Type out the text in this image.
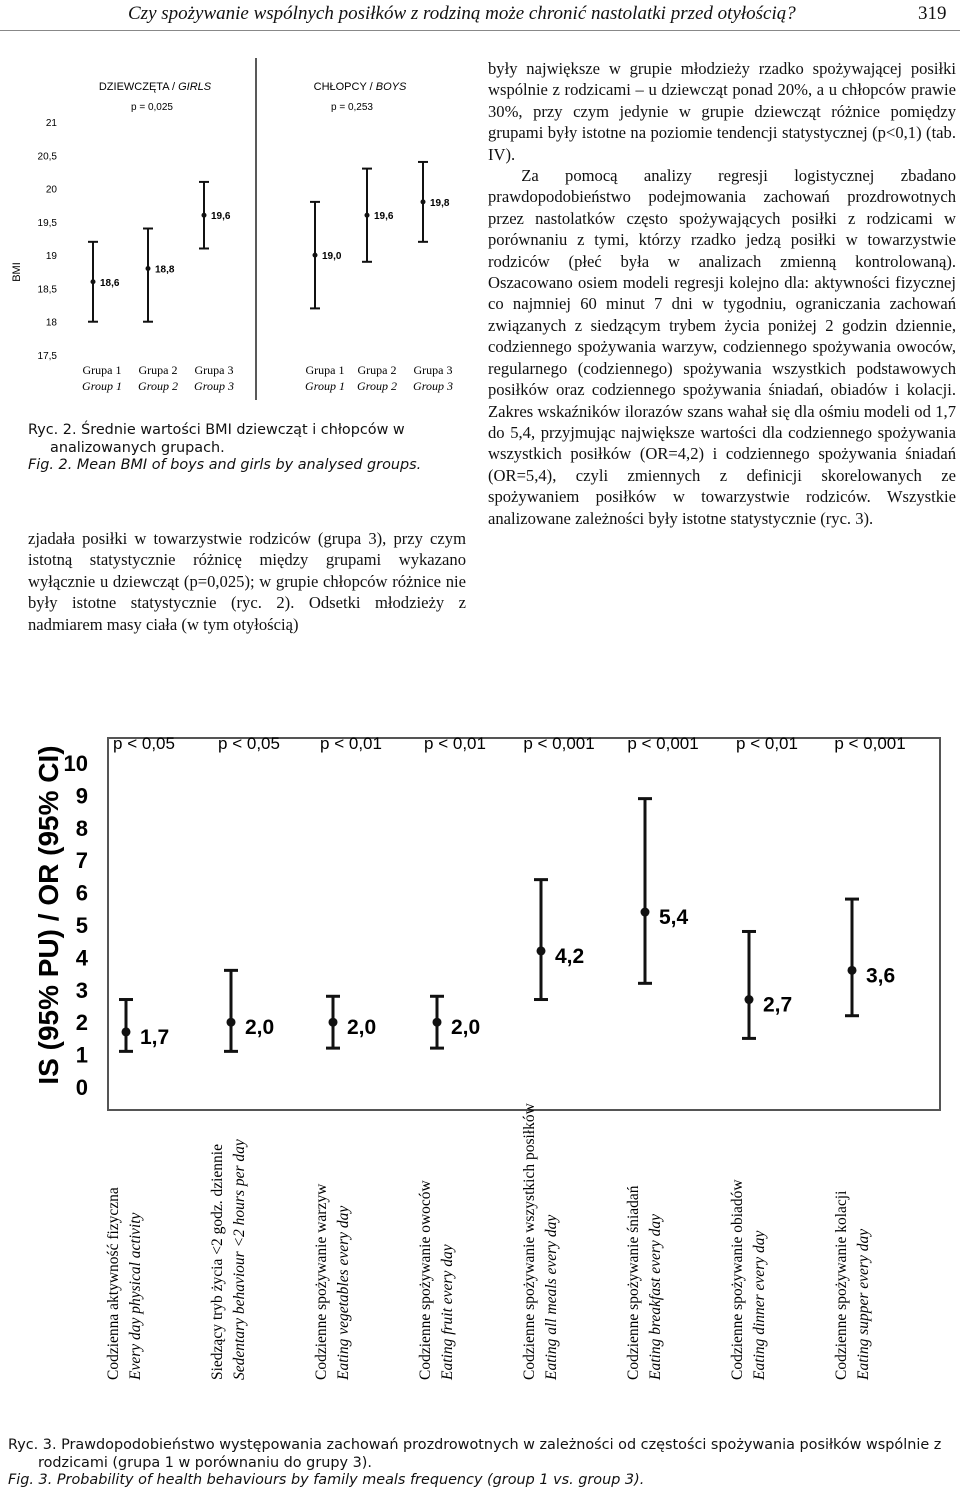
Czy spożywanie wspólnych posiłków z rodziną może chronić nastolatki przed otyłością?	319
BMI
DZIEWCZĘTA / GIRLS
p = 0,025
CHŁOPCY / BOYS
p = 0,253
21
20,5
20
19,5
19
18,5
18
17,5
18,6
18,8
19,6
19,0
19,6
19,8
Grupa 1
Group 1
Grupa 2
Group 2
Grupa 3
Group 3
Grupa 1
Group 1
Grupa 2
Group 2
Grupa 3
Group 3
Ryc. 2. Średnie wartości BMI dziewcząt i chłopców w analizowanych grupach.
Fig. 2. Mean BMI of boys and girls by analysed groups.

zjadała posiłki w towarzystwie rodziców (grupa 3), przy czym istotną statystycznie różnicę między grupami wykazano wyłącznie u dziewcząt (p=0,025); w grupie chłopców różnice nie były istotne statystycznie (ryc. 2). Odsetki młodzieży z nadmiarem masy ciała (w tym otyłością)

były największe w grupie młodzieży rzadko spożywającej posiłki wspólnie z rodzicami – u dziewcząt ponad 20%, a u chłopców prawie 30%, przy czym jedynie w grupie dziewcząt różnice pomiędzy grupami były istotne na poziomie tendencji statystycznej (p<0,1) (tab. IV).

Za pomocą analizy regresji logistycznej zbadano prawdopodobieństwo podejmowania zachowań prozdrowotnych przez nastolatków często spożywających posiłki z rodzicami w porównaniu z tymi, którzy rzadko jedzą posiłki w towarzystwie rodziców (płeć była w analizach zmienną kontrolowaną). Oszacowano osiem modeli regresji kolejno dla: aktywności fizycznej co najmniej 60 minut 7 dni w tygodniu, ograniczania zachowań związanych z siedzącym trybem życia poniżej 2 godzin dziennie, codziennego spożywania warzyw, codziennego spożywania owoców, regularnego (codziennego) spożywania wszystkich podstawowych posiłków oraz codziennego spożywania śniadań, obiadów i kolacji. Zakres wskaźników ilorazów szans wahał się dla ośmiu modeli od 1,7 do 5,4, przyjmując największe wartości dla codziennego spożywania wszystkich posiłków (OR=4,2) i codziennego spożywania śniadań (OR=5,4), czyli zmiennych z definicji skorelowanych ze spożywaniem posiłków w towarzystwie rodziców. Wszystkie analizowane zależności były istotne statystycznie (ryc. 3).

IS (95% PU) / OR (95% CI)
0
1
2
3
4
5
6
7
8
9
10
p < 0,05	p < 0,05 p < 0,01 p < 0,01 p < 0,001 p < 0,001 p < 0,01 p < 0,001
1,7	2,0	2,0	2,0
4,2
5,4
2,7
3,6
Codzienna aktywność fizyczna Every day physical activity	Siedzący tryb życia <2 godz. dziennie Sedentary behaviour <2 hours per day	Codzienne spożywanie warzyw Eating vegetables every day	Codzienne spożywanie owoców Eating fruit every day	Codzienne spożywanie wszystkich posiłków Eating all meals every day	Codzienne spożywanie śniadań Eating breakfast every day	Codzienne spożywanie obiadów Eating dinner every day	Codzienne spożywanie kolacji Eating supper every day
Ryc. 3. Prawdopodobieństwo występowania zachowań prozdrowotnych w zależności od częstości spożywania posiłków wspólnie z rodzicami (grupa 1 w porównaniu do grupy 3).
Fig. 3. Probability of health behaviours by family meals frequency (group 1 vs. group 3).
